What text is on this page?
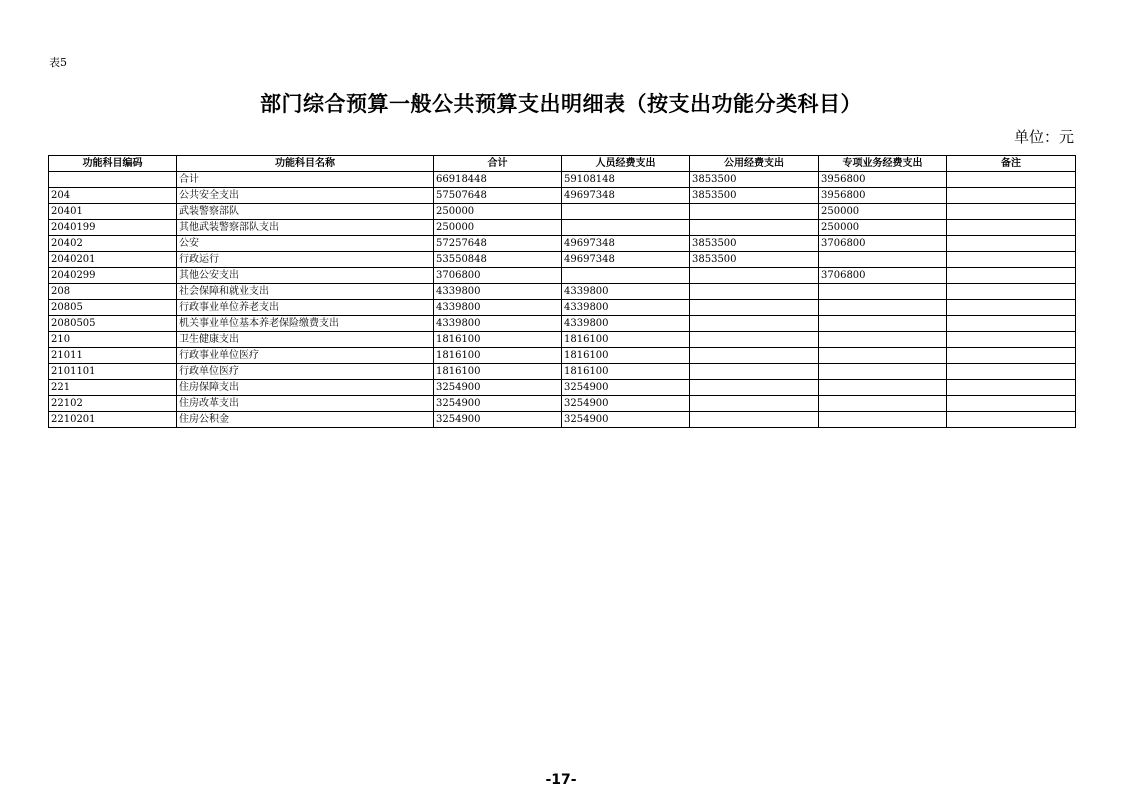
表5
部门综合预算一般公共预算支出明细表（按支出功能分类科目）
单位：元
功能科目编码	功能科目名称	合计	人员经费支出	公用经费支出	专项业务经费支出	备注
	合计	66918448	59108148	3853500	3956800	
204	公共安全支出	57507648	49697348	3853500	3956800	
20401	武装警察部队	250000			250000	
2040199	其他武装警察部队支出	250000			250000	
20402	公安	57257648	49697348	3853500	3706800	
2040201	行政运行	53550848	49697348	3853500		
2040299	其他公安支出	3706800			3706800	
208	社会保障和就业支出	4339800	4339800			
20805	行政事业单位养老支出	4339800	4339800			
2080505	机关事业单位基本养老保险缴费支出	4339800	4339800			
210	卫生健康支出	1816100	1816100			
21011	行政事业单位医疗	1816100	1816100			
2101101	行政单位医疗	1816100	1816100			
221	住房保障支出	3254900	3254900			
22102	住房改革支出	3254900	3254900			
2210201	住房公积金	3254900	3254900			
-17-
